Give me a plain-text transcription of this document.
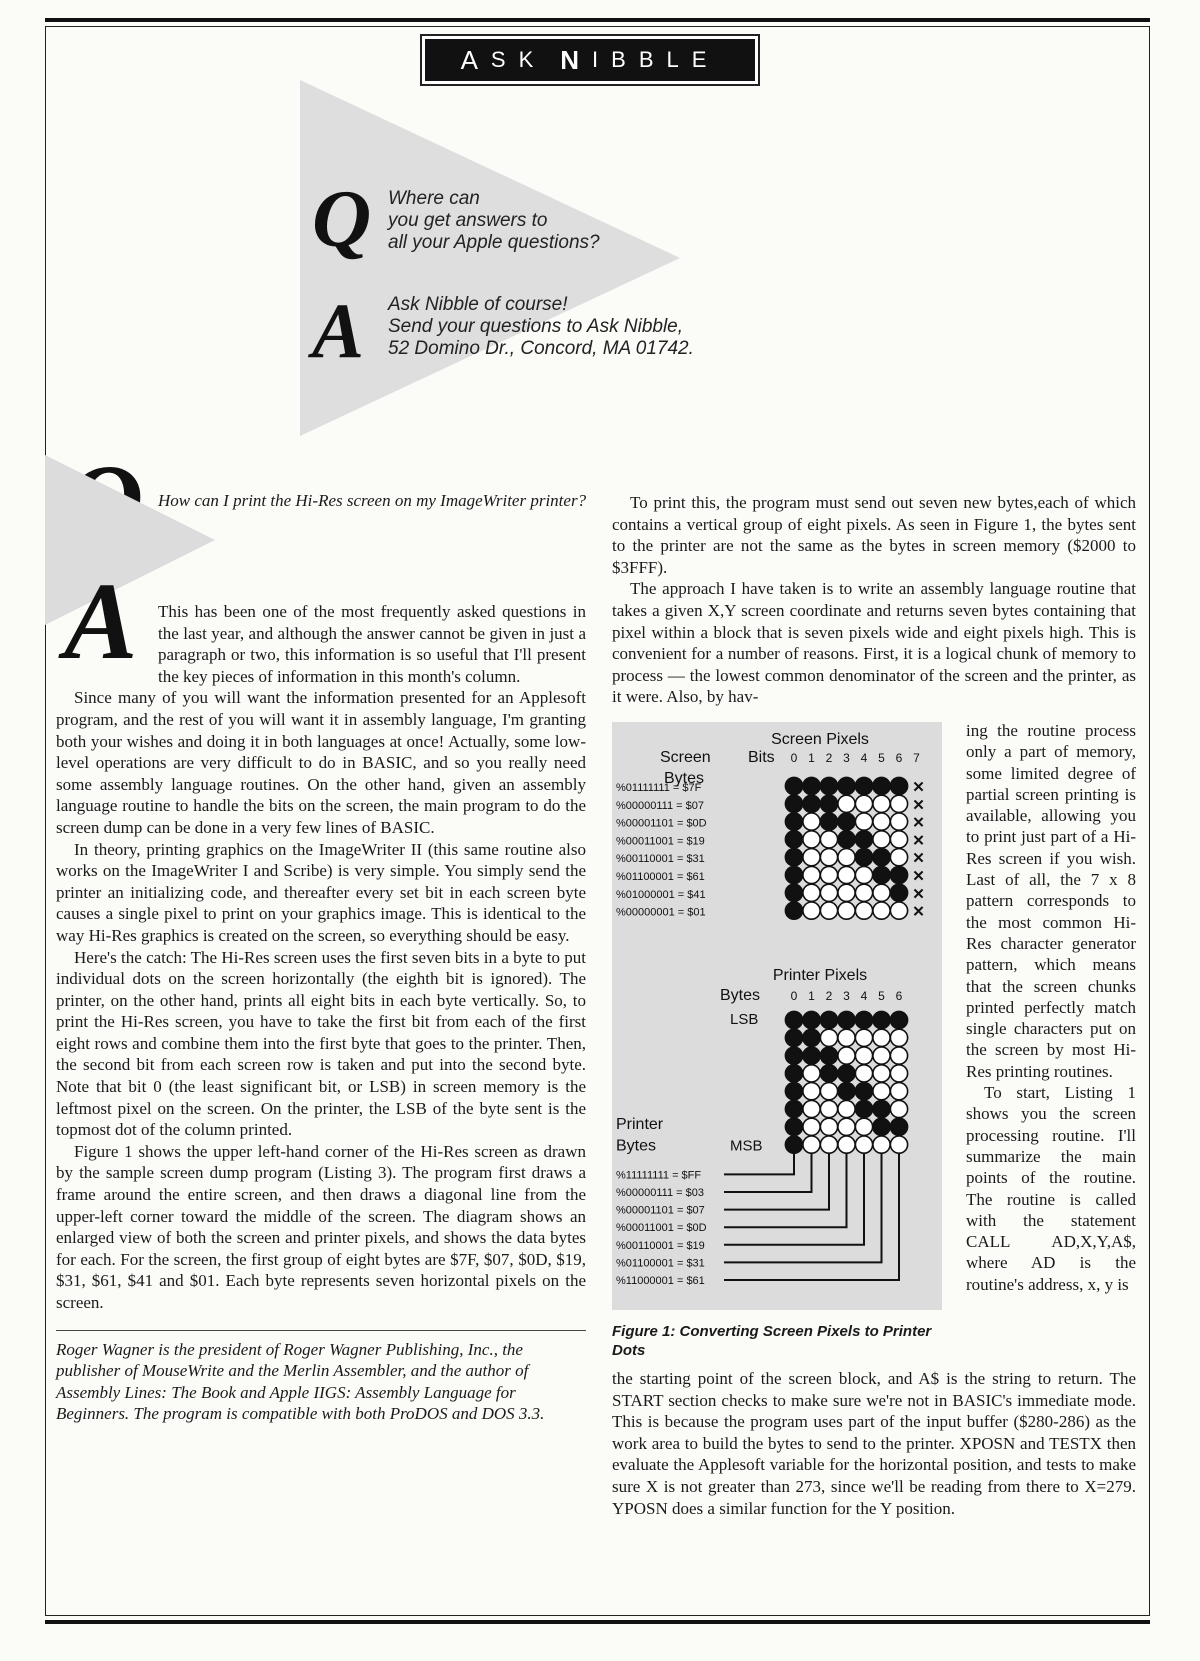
A SK N IBBLE
Q Where can
you get answers to
all your Apple questions?
A Ask Nibble of course!
Send your questions to Ask Nibble,
52 Domino Dr., Concord, MA 01742.
Q How can I print the Hi-Res screen on my ImageWriter printer?
A	This has been one of the most frequently asked questions in the last year, and although the answer cannot be given in just a paragraph or two, this information is so useful that I'll present the key pieces of information in this month's column.

Since many of you will want the information presented for an Applesoft program, and the rest of you will want it in assembly language, I'm granting both your wishes and doing it in both languages at once! Actually, some low-level operations are very difficult to do in BASIC, and so you really need some assembly language routines. On the other hand, given an assembly language routine to handle the bits on the screen, the main program to do the screen dump can be done in a very few lines of BASIC.

In theory, printing graphics on the ImageWriter II (this same routine also works on the ImageWriter I and Scribe) is very simple. You simply send the printer an initializing code, and thereafter every set bit in each screen byte causes a single pixel to print on your graphics image. This is identical to the way Hi-Res graphics is created on the screen, so everything should be easy.

Here's the catch: The Hi-Res screen uses the first seven bits in a byte to put individual dots on the screen horizontally (the eighth bit is ignored). The printer, on the other hand, prints all eight bits in each byte vertically. So, to print the Hi-Res screen, you have to take the first bit from each of the first eight rows and combine them into the first byte that goes to the printer. Then, the second bit from each screen row is taken and put into the second byte. Note that bit 0 (the least significant bit, or LSB) in screen memory is the leftmost pixel on the screen. On the printer, the LSB of the byte sent is the topmost dot of the column printed.

Figure 1 shows the upper left-hand corner of the Hi-Res screen as drawn by the sample screen dump program (Listing 3). The program first draws a frame around the entire screen, and then draws a diagonal line from the upper-left corner toward the middle of the screen. The diagram shows an enlarged view of both the screen and printer pixels, and shows the data bytes for each. For the screen, the first group of eight bytes are $7F, $07, $0D, $19, $31, $61, $41 and $01. Each byte represents seven horizontal pixels on the screen.

Roger Wagner is the president of Roger Wagner Publishing, Inc., the publisher of MouseWrite and the Merlin Assembler, and the author of Assembly Lines: The Book and Apple IIGS: Assembly Language for Beginners. The program is compatible with both ProDOS and DOS 3.3.

To print this, the program must send out seven new bytes,each of which contains a vertical group of eight pixels. As seen in Figure 1, the bytes sent to the printer are not the same as the bytes in screen memory ($2000 to $3FFF).

The approach I have taken is to write an assembly language routine that takes a given X,Y screen coordinate and returns seven bytes containing that pixel within a block that is seven pixels wide and eight pixels high. This is convenient for a number of reasons. First, it is a logical chunk of memory to process — the lowest common denominator of the screen and the printer, as it were. Also, by hav-

Screen Pixels
Screen Bits
Bytes
0 1 2 3 4 5 6 7
✕
%01111111 = $7F
✕
%00000111 = $07
✕
%00001101 = $0D
✕
%00011001 = $19
✕
%00110001 = $31
✕
%01100001 = $61
✕
%01000001 = $41
✕
%00000001 = $01
Printer Pixels
Bytes	0 1 2 3 4 5 6
LSB
MSB
Printer
Bytes
%11111111 = $FF
%00000111 = $03
%00001101 = $07
%00011001 = $0D
%00110001 = $19
%01100001 = $31
%11000001 = $61
Figure 1: Converting Screen Pixels to Printer Dots

ing the routine process only a part of memory, some limited degree of partial screen printing is available, allowing you to print just part of a Hi-Res screen if you wish. Last of all, the 7 x 8 pattern corresponds to the most common Hi-Res character generator pattern, which means that the screen chunks printed perfectly match single characters put on the screen by most Hi-Res printing routines.

To start, Listing 1 shows you the screen processing routine. I'll summarize the main points of the routine. The routine is called with the statement CALL AD,X,Y,A$, where AD is the routine's address, x, y is

the starting point of the screen block, and A$ is the string to return. The START section checks to make sure we're not in BASIC's immediate mode. This is because the program uses part of the input buffer ($280-286) as the work area to build the bytes to send to the printer. XPOSN and TESTX then evaluate the Applesoft variable for the horizontal position, and tests to make sure X is not greater than 273, since we'll be reading from there to X=279. YPOSN does a similar function for the Y position.
